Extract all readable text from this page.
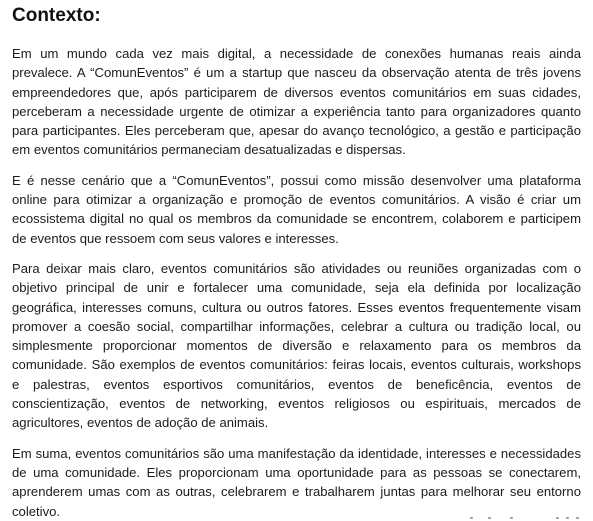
Contexto:

Em um mundo cada vez mais digital, a necessidade de conexões humanas reais ainda prevalece. A “ComunEventos” é um a startup que nasceu da observação atenta de três jovens empreendedores que, após participarem de diversos eventos comunitários em suas cidades, perceberam a necessidade urgente de otimizar a experiência tanto para organizadores quanto para participantes. Eles perceberam que, apesar do avanço tecnológico, a gestão e participação em eventos comunitários permaneciam desatualizadas e dispersas.

E é nesse cenário que a “ComunEventos”, possui como missão desenvolver uma plataforma online para otimizar a organização e promoção de eventos comunitários. A visão é criar um ecossistema digital no qual os membros da comunidade se encontrem, colaborem e participem de eventos que ressoem com seus valores e interesses.

Para deixar mais claro, eventos comunitários são atividades ou reuniões organizadas com o objetivo principal de unir e fortalecer uma comunidade, seja ela definida por localização geográfica, interesses comuns, cultura ou outros fatores. Esses eventos frequentemente visam promover a coesão social, compartilhar informações, celebrar a cultura ou tradição local, ou simplesmente proporcionar momentos de diversão e relaxamento para os membros da comunidade. São exemplos de eventos comunitários: feiras locais, eventos culturais, workshops e palestras, eventos esportivos comunitários, eventos de beneficência, eventos de conscientização, eventos de networking, eventos religiosos ou espirituais, mercados de agricultores, eventos de adoção de animais.

Em suma, eventos comunitários são uma manifestação da identidade, interesses e necessidades de uma comunidade. Eles proporcionam uma oportunidade para as pessoas se conectarem, aprenderem umas com as outras, celebrarem e trabalharem juntas para melhorar seu entorno coletivo.
